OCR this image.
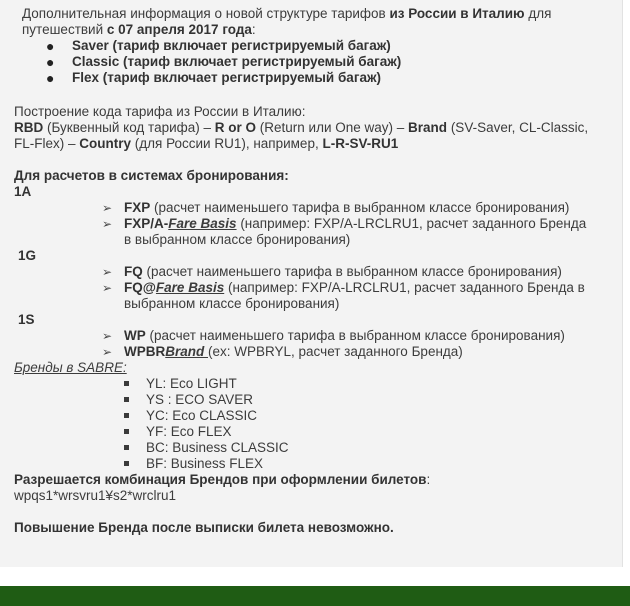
Дополнительная информация о новой структуре тарифов из России в Италию для
путешествий с 07 апреля 2017 года:
● Saver (тариф включает регистрируемый багаж)
● Classic (тариф включает регистрируемый багаж)
● Flex (тариф включает регистрируемый багаж)
Построение кода тарифа из России в Италию:
RBD (Буквенный код тарифа) – R or O (Return или One way) – Brand (SV-Saver, CL-Classic,
FL-Flex) – Country (для России RU1), например, L-R-SV-RU1
Для расчетов в системах бронирования:
1A
➢ FXP (расчет наименьшего тарифа в выбранном классе бронирования)
➢ FXP/A-Fare Basis (например: FXP/A-LRCLRU1, расчет заданного Бренда
в выбранном классе бронирования)
1G
➢ FQ (расчет наименьшего тарифа в выбранном классе бронирования)
➢ FQ@Fare Basis (например: FXP/A-LRCLRU1, расчет заданного Бренда в
выбранном классе бронирования)
1S
➢ WP (расчет наименьшего тарифа в выбранном классе бронирования)
➢ WPBRBrand (ex: WPBRYL, расчет заданного Бренда)
Бренды в SABRE:
YL: Eco LIGHT
YS : ECO SAVER
YC: Eco CLASSIC
YF: Eco FLEX
BC: Business CLASSIC
BF: Business FLEX
Разрешается комбинация Брендов при оформлении билетов:
wpqs1*wrsvru1¥s2*wrclru1
Повышение Бренда после выписки билета невозможно.
